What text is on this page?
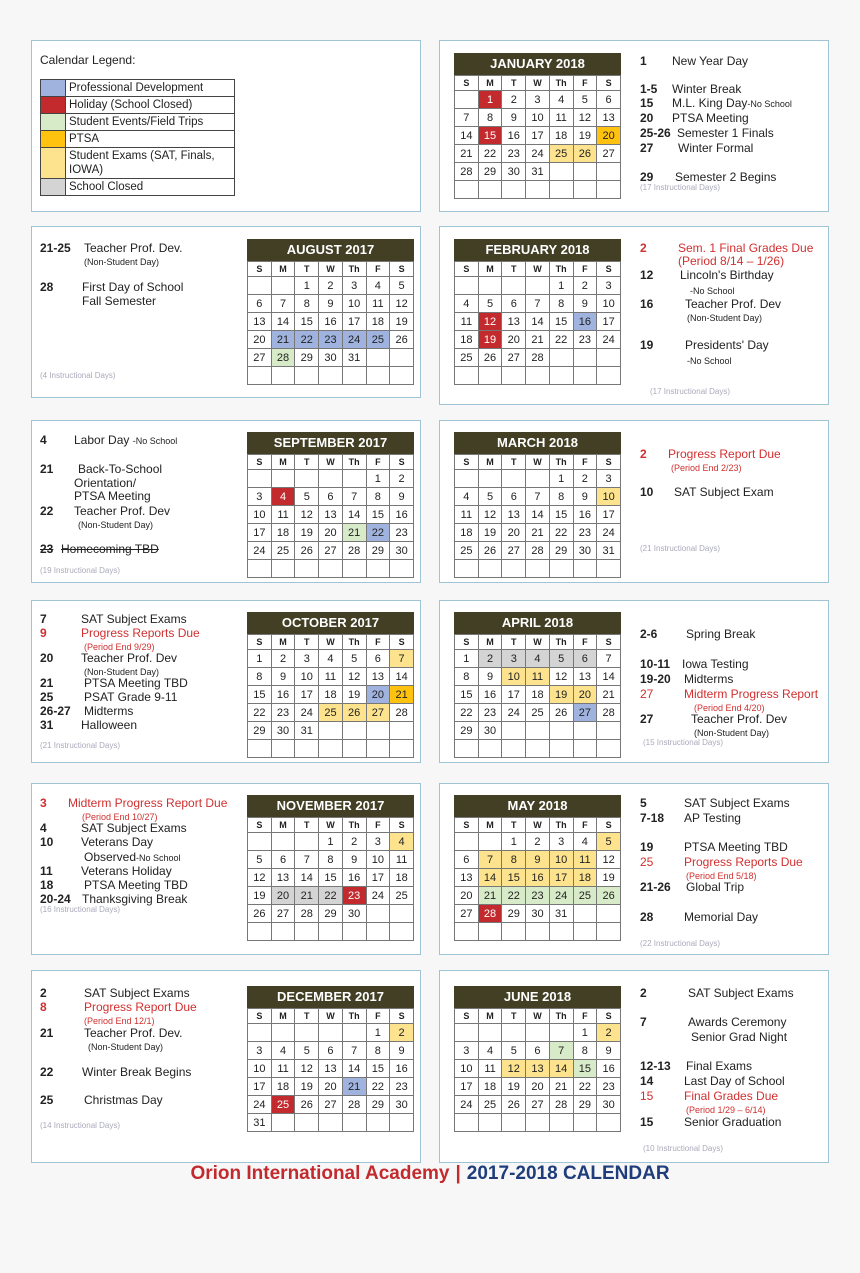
Calendar Legend:
	Professional Development
	Holiday (School Closed)
	Student Events/Field Trips
	PTSA
	Student Exams (SAT, Finals, IOWA)
	School Closed
JANUARY 2018
S	M	T	W	Th	F	S
	1	2	3	4	5	6
7	8	9	10	11	12	13
14	15	16	17	18	19	20
21	22	23	24	25	26	27
28	29	30	31			

1 New Year Day
1-5 Winter Break
15 M.L. King Day-No School
20 PTSA Meeting
25-26 Semester 1 Finals
27 Winter Formal
29 Semester 2 Begins
(17 Instructional Days)
21-25 Teacher Prof. Dev.
(Non-Student Day)
28 First Day of School
Fall Semester
(4 Instructional Days)
AUGUST 2017
S	M	T	W	Th	F	S
		1	2	3	4	5
6	7	8	9	10	11	12
13	14	15	16	17	18	19
20	21	22	23	24	25	26
27	28	29	30	31		

FEBRUARY 2018
S	M	T	W	Th	F	S
				1	2	3
4	5	6	7	8	9	10
11	12	13	14	15	16	17
18	19	20	21	22	23	24
25	26	27	28			

2	Sem. 1 Final Grades Due
(Period 8/14 – 1/26)
12 Lincoln's Birthday
-No School
16	Teacher Prof. Dev
(Non-Student Day)
19	Presidents' Day
-No School
(17 Instructional Days)
4 Labor Day -No School
21 Back-To-School
Orientation/
PTSA Meeting
22 Teacher Prof. Dev
(Non-Student Day)
23 Homecoming TBD
(19 Instructional Days)
SEPTEMBER 2017
S	M	T	W	Th	F	S
					1	2
3	4	5	6	7	8	9
10	11	12	13	14	15	16
17	18	19	20	21	22	23
24	25	26	27	28	29	30

MARCH 2018
S	M	T	W	Th	F	S
				1	2	3
4	5	6	7	8	9	10
11	12	13	14	15	16	17
18	19	20	21	22	23	24
25	26	27	28	29	30	31

2 Progress Report Due
(Period End 2/23)
10 SAT Subject Exam
(21 Instructional Days)
7	SAT Subject Exams
9	Progress Reports Due
(Period End 9/29)
20 Teacher Prof. Dev
(Non-Student Day)
21	PTSA Meeting TBD
25	PSAT Grade 9-11
26-27 Midterms
31 Halloween
(21 Instructional Days)
OCTOBER 2017
S	M	T	W	Th	F	S
1	2	3	4	5	6	7
8	9	10	11	12	13	14
15	16	17	18	19	20	21
22	23	24	25	26	27	28
29	30	31				

APRIL 2018
S	M	T	W	Th	F	S
1	2	3	4	5	6	7
8	9	10	11	12	13	14
15	16	17	18	19	20	21
22	23	24	25	26	27	28
29	30					

2-6 Spring Break
10-11 Iowa Testing
19-20 Midterms
27	Midterm Progress Report
(Period End 4/20)
27	Teacher Prof. Dev
(Non-Student Day)
(15 Instructional Days)
3 Midterm Progress Report Due
(Period End 10/27)
4	SAT Subject Exams
10 Veterans Day
Observed-No School
11 Veterans Holiday
18	PTSA Meeting TBD
20-24 Thanksgiving Break
(16 Instructional Days)
NOVEMBER 2017
S	M	T	W	Th	F	S
			1	2	3	4
5	6	7	8	9	10	11
12	13	14	15	16	17	18
19	20	21	22	23	24	25
26	27	28	29	30		

MAY 2018
S	M	T	W	Th	F	S
		1	2	3	4	5
6	7	8	9	10	11	12
13	14	15	16	17	18	19
20	21	22	23	24	25	26
27	28	29	30	31		

5	SAT Subject Exams
7-18 AP Testing
19	PTSA Meeting TBD
25	Progress Reports Due
(Period End 5/18)
21-26 Global Trip
28	Memorial Day
(22 Instructional Days)
2	SAT Subject Exams
8	Progress Report Due
(Period End 12/1)
21	Teacher Prof. Dev.
(Non-Student Day)
22 Winter Break Begins
25	Christmas Day
(14 Instructional Days)
DECEMBER 2017
S	M	T	W	Th	F	S
					1	2
3	4	5	6	7	8	9
10	11	12	13	14	15	16
17	18	19	20	21	22	23
24	25	26	27	28	29	30
31						
JUNE 2018
S	M	T	W	Th	F	S
					1	2
3	4	5	6	7	8	9
10	11	12	13	14	15	16
17	18	19	20	21	22	23
24	25	26	27	28	29	30

2	SAT Subject Exams
7	Awards Ceremony
Senior Grad Night
12-13 Final Exams
14	Last Day of School
15	Final Grades Due
(Period 1/29 – 6/14)
15	Senior Graduation
(10 Instructional Days)
Orion International Academy | 2017-2018 CALENDAR
